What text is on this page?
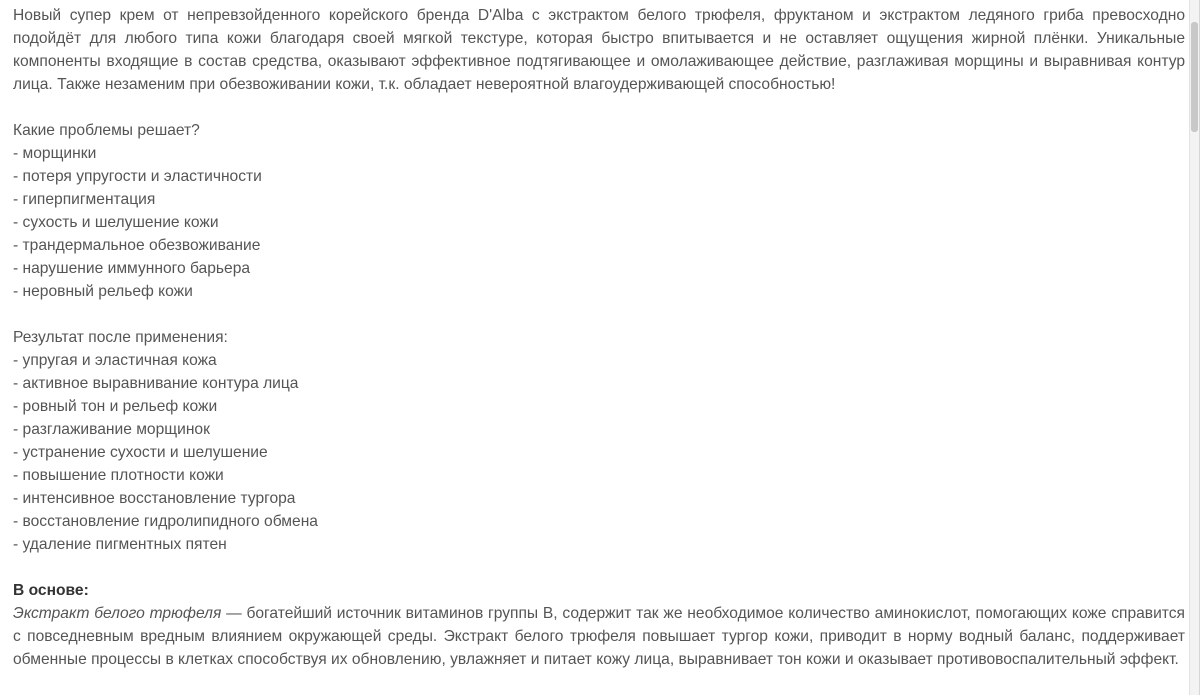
Новый супер крем от непревзойденного корейского бренда D'Alba с экстрактом белого трюфеля, фруктаном и экстрактом ледяного гриба превосходно подойдёт для любого типа кожи благодаря своей мягкой текстуре, которая быстро впитывается и не оставляет ощущения жирной плёнки. Уникальные компоненты входящие в состав средства, оказывают эффективное подтягивающее и омолаживающее действие, разглаживая морщины и выравнивая контур лица. Также незаменим при обезвоживании кожи, т.к. обладает невероятной влагоудерживающей способностью!

Какие проблемы решает?

- морщинки

- потеря упругости и эластичности

- гиперпигментация

- сухость и шелушение кожи

- трандермальное обезвоживание

- нарушение иммунного барьера

- неровный рельеф кожи

Результат после применения:

- упругая и эластичная кожа

- активное выравнивание контура лица

- ровный тон и рельеф кожи

- разглаживание морщинок

- устранение сухости и шелушение

- повышение плотности кожи

- интенсивное восстановление тургора

- восстановление гидролипидного обмена

- удаление пигментных пятен

В основе:

Экстракт белого трюфеля — богатейший источник витаминов группы В, содержит так же необходимое количество аминокислот, помогающих коже справится с повседневным вредным влиянием окружающей среды. Экстракт белого трюфеля повышает тургор кожи, приводит в норму водный баланс, поддерживает обменные процессы в клетках способствуя их обновлению, увлажняет и питает кожу лица, выравнивает тон кожи и оказывает противовоспалительный эффект.
